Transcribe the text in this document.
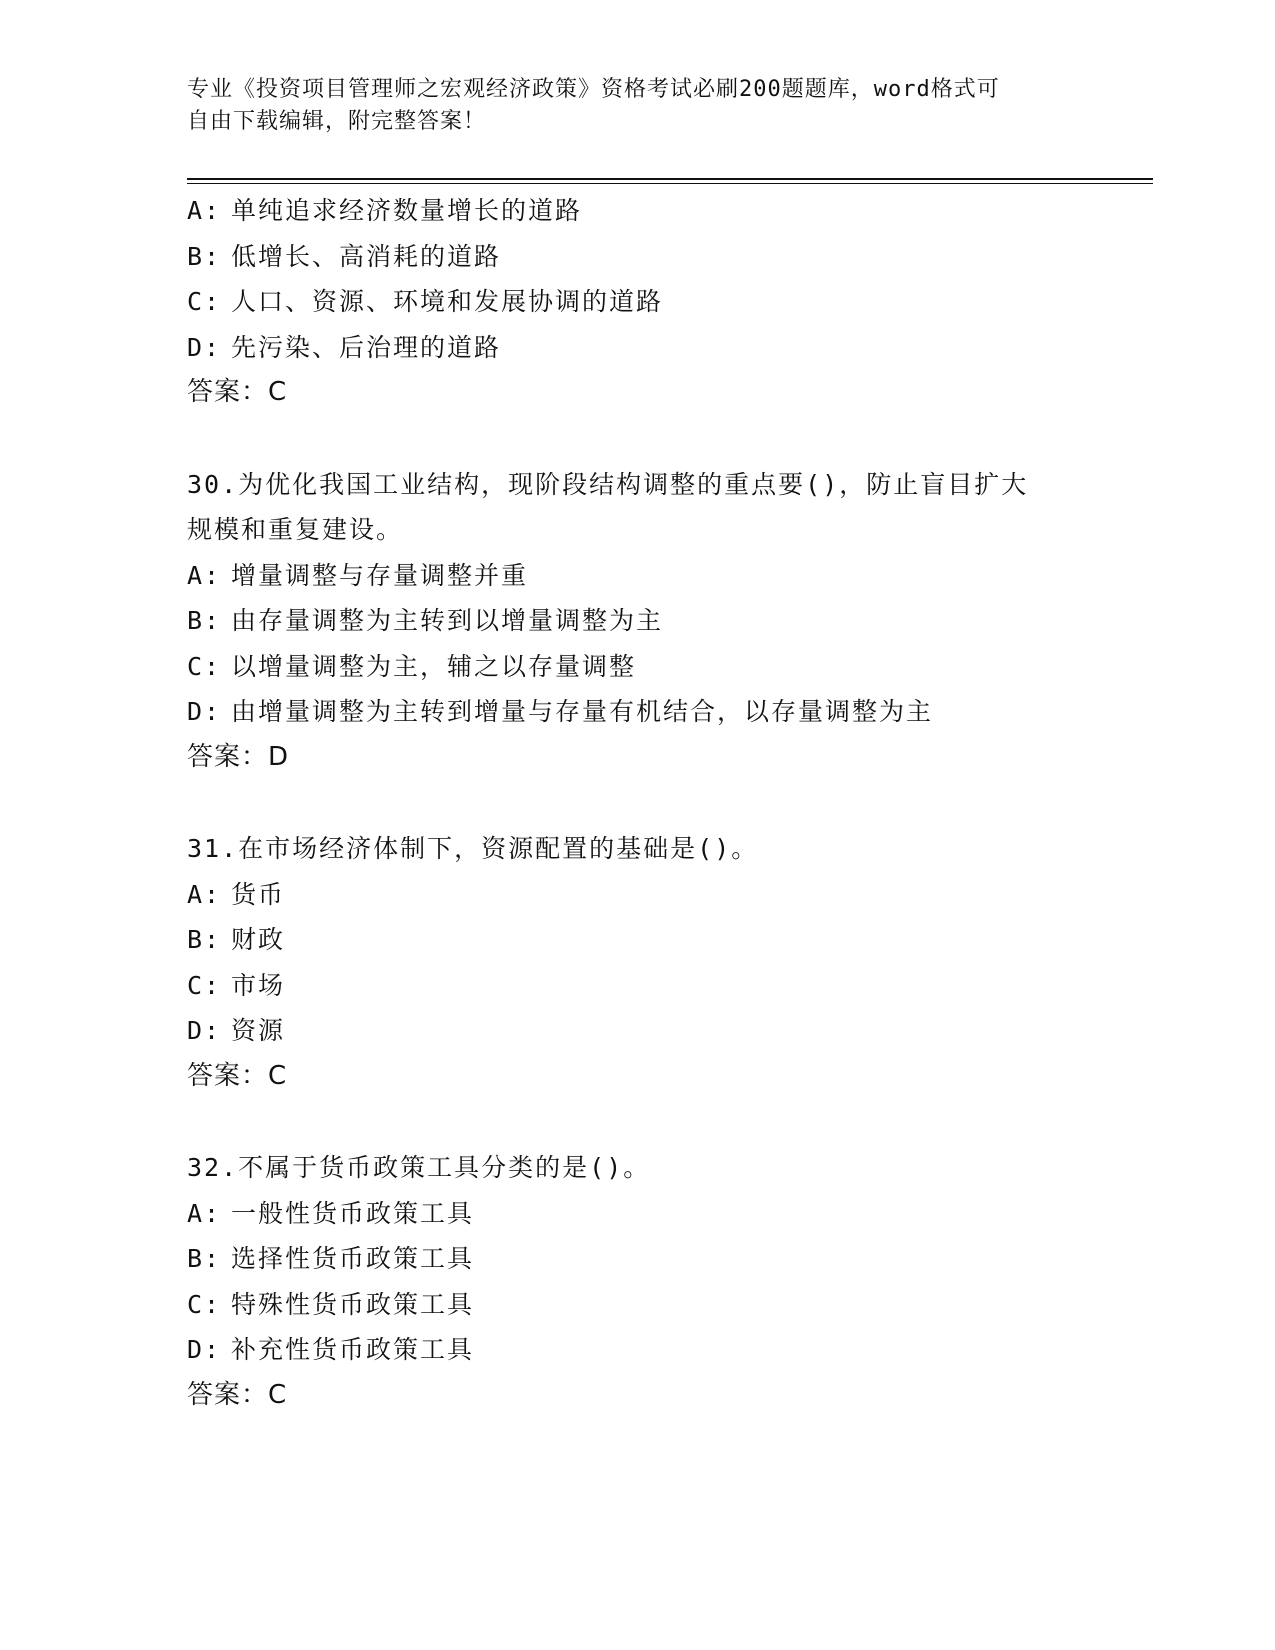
专业《投资项目管理师之宏观经济政策》资格考试必刷200题题库，word格式可
自由下载编辑，附完整答案！
A: 单纯追求经济数量增长的道路
B: 低增长、高消耗的道路
C: 人口、资源、环境和发展协调的道路
D: 先污染、后治理的道路
答案：C
30.为优化我国工业结构，现阶段结构调整的重点要()，防止盲目扩大
规模和重复建设。
A: 增量调整与存量调整并重
B: 由存量调整为主转到以增量调整为主
C: 以增量调整为主，辅之以存量调整
D: 由增量调整为主转到增量与存量有机结合，以存量调整为主
答案：D
31.在市场经济体制下，资源配置的基础是()。
A: 货币
B: 财政
C: 市场
D: 资源
答案：C
32.不属于货币政策工具分类的是()。
A: 一般性货币政策工具
B: 选择性货币政策工具
C: 特殊性货币政策工具
D: 补充性货币政策工具
答案：C
